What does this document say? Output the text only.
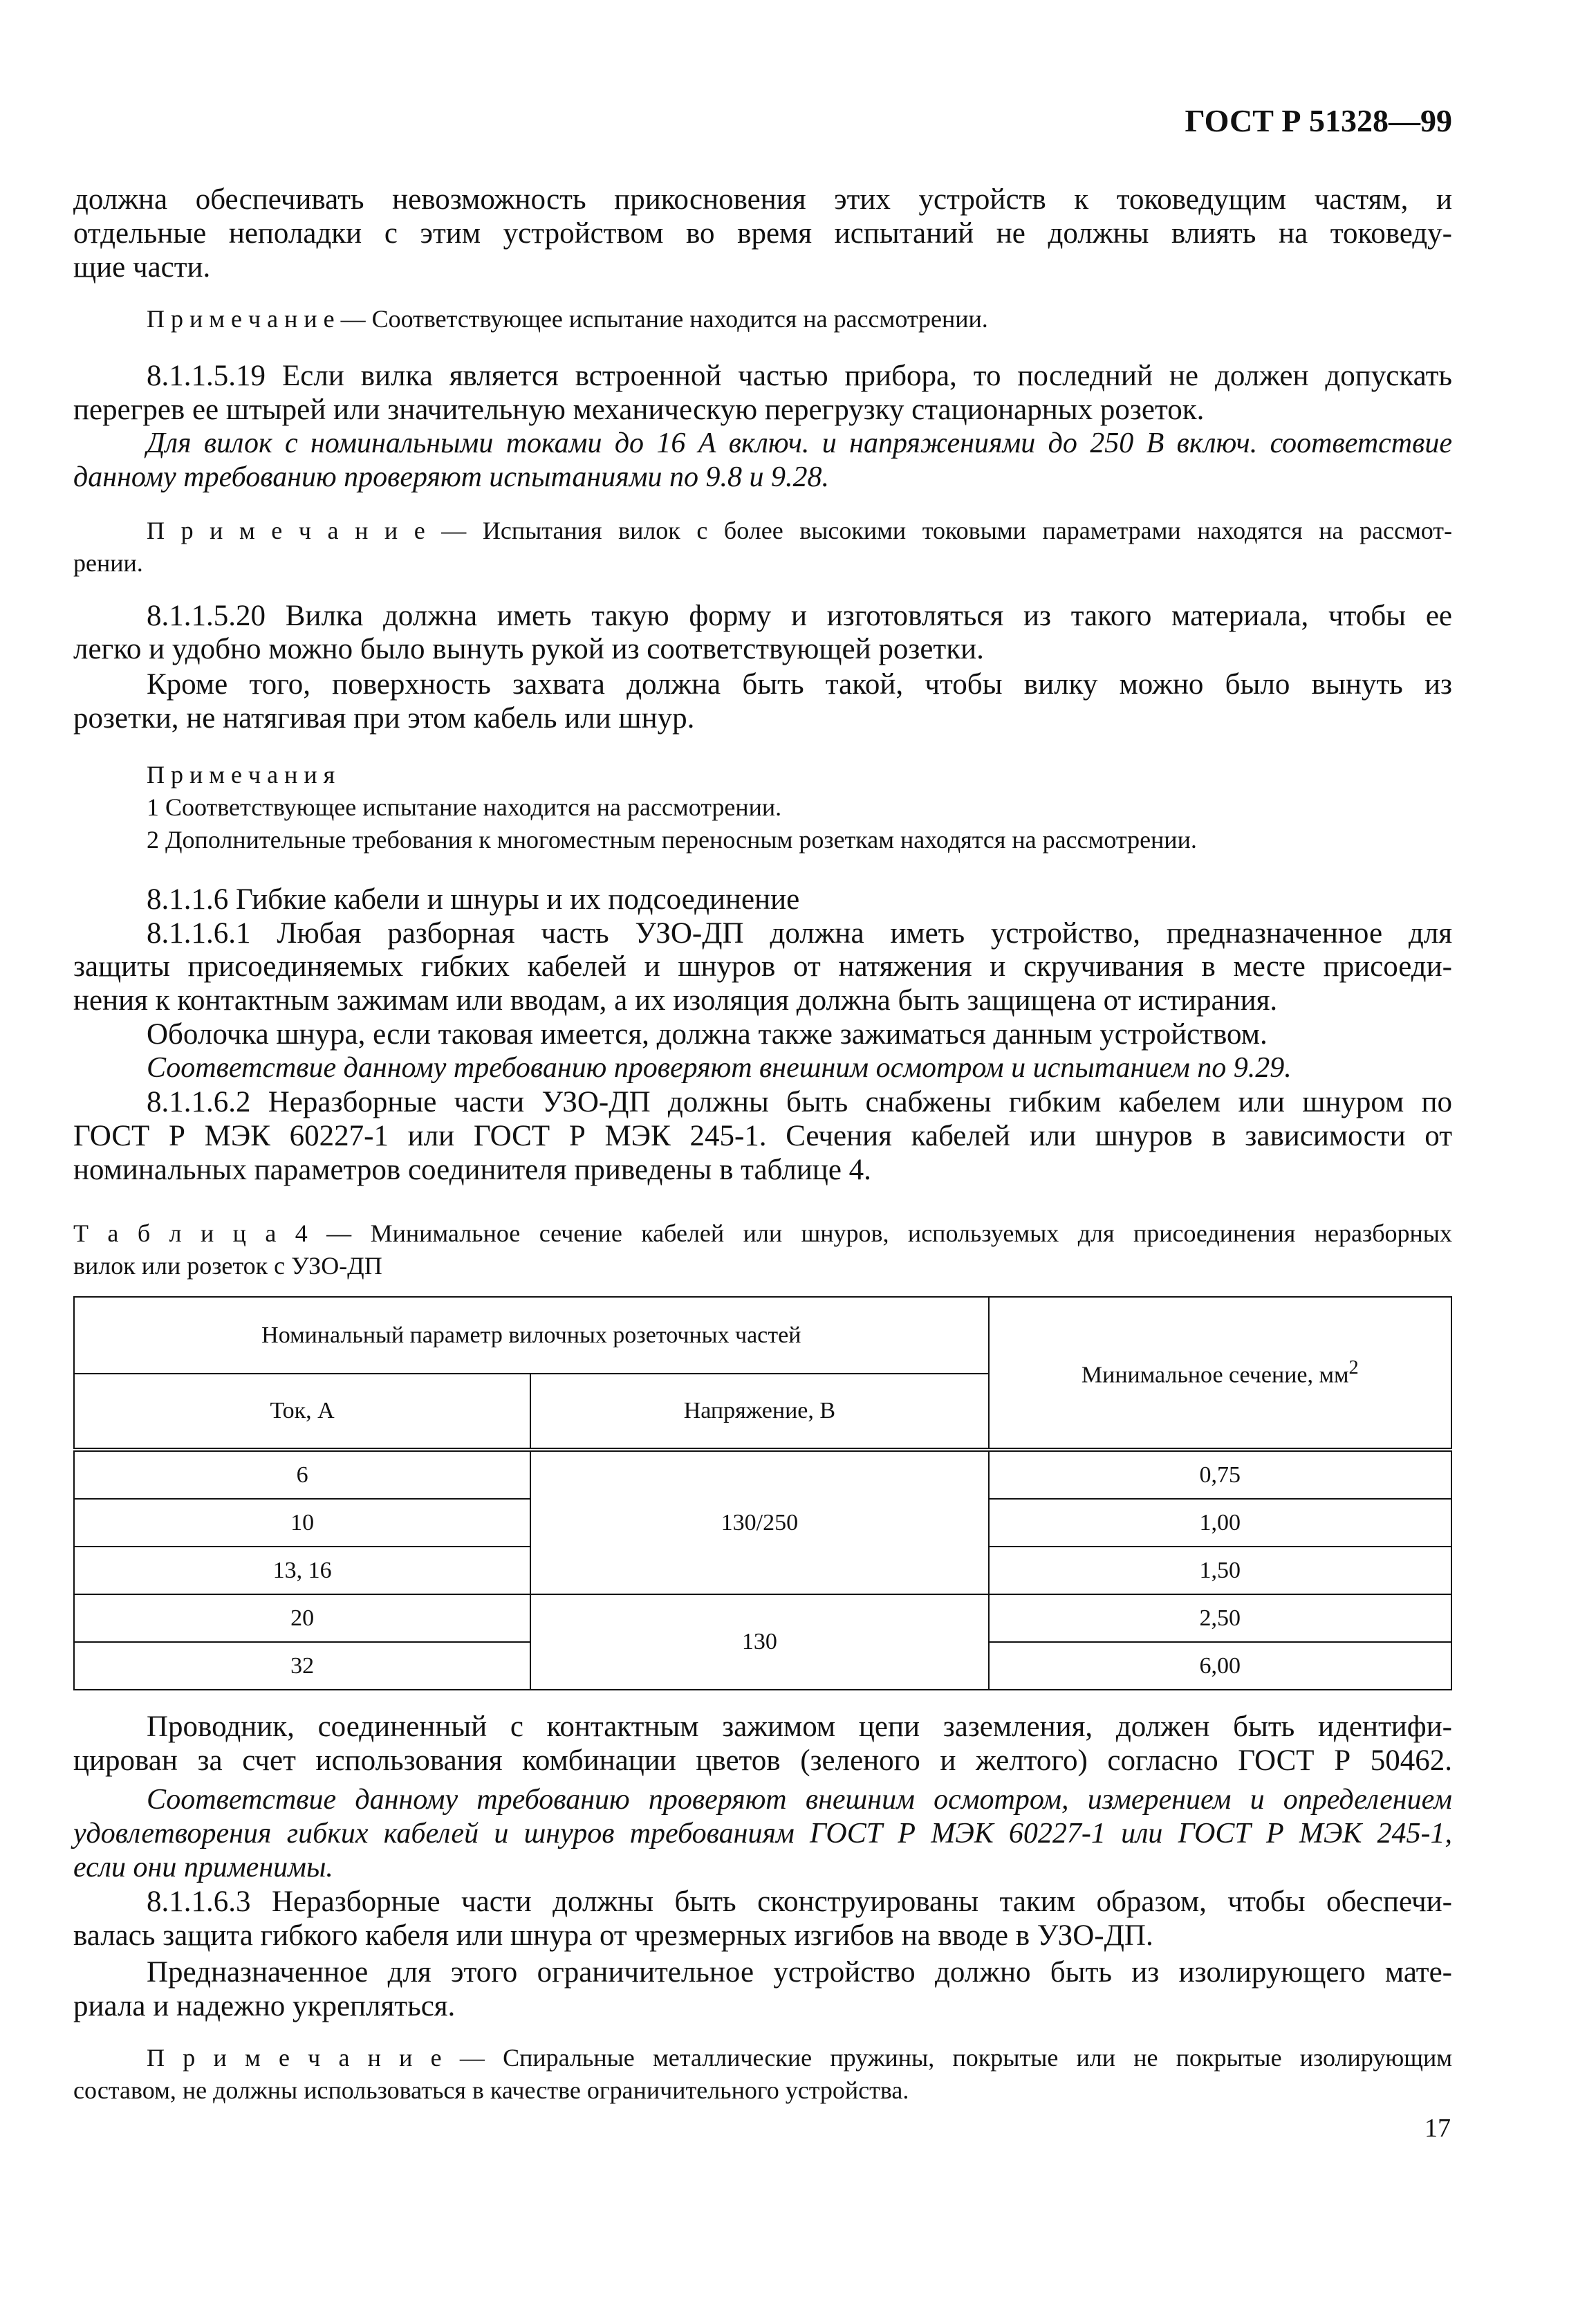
ГОСТ Р 51328—99
должна обеспечивать невозможность прикосновения этих устройств к токоведущим частям, и
отдельные неполадки с этим устройством во время испытаний не должны влиять на токоведу-
щие части.
П р и м е ч а н и е — Соответствующее испытание находится на рассмотрении.
8.1.1.5.19 Если вилка является встроенной частью прибора, то последний не должен допускать
перегрев ее штырей или значительную механическую перегрузку стационарных розеток.
Для вилок с номинальными токами до 16 А включ. и напряжениями до 250 В включ. соответствие
данному требованию проверяют испытаниями по 9.8 и 9.28.
П р и м е ч а н и е — Испытания вилок с более высокими токовыми параметрами находятся на рассмот-
рении.
8.1.1.5.20 Вилка должна иметь такую форму и изготовляться из такого материала, чтобы ее
легко и удобно можно было вынуть рукой из соответствующей розетки.
Кроме того, поверхность захвата должна быть такой, чтобы вилку можно было вынуть из
розетки, не натягивая при этом кабель или шнур.
П р и м е ч а н и я
1 Соответствующее испытание находится на рассмотрении.
2 Дополнительные требования к многоместным переносным розеткам находятся на рассмотрении.
8.1.1.6 Гибкие кабели и шнуры и их подсоединение
8.1.1.6.1 Любая разборная часть УЗО-ДП должна иметь устройство, предназначенное для
защиты присоединяемых гибких кабелей и шнуров от натяжения и скручивания в месте присоеди-
нения к контактным зажимам или вводам, а их изоляция должна быть защищена от истирания.
Оболочка шнура, если таковая имеется, должна также зажиматься данным устройством.
Соответствие данному требованию проверяют внешним осмотром и испытанием по 9.29.
8.1.1.6.2 Неразборные части УЗО-ДП должны быть снабжены гибким кабелем или шнуром по
ГОСТ Р МЭК 60227-1 или ГОСТ Р МЭК 245-1. Сечения кабелей или шнуров в зависимости от
номинальных параметров соединителя приведены в таблице 4.
Т а б л и ц а 4 — Минимальное сечение кабелей или шнуров, используемых для присоединения неразборных
вилок или розеток с УЗО-ДП
Проводник, соединенный с контактным зажимом цепи заземления, должен быть идентифи-
цирован за счет использования комбинации цветов (зеленого и желтого) согласно ГОСТ Р 50462.
Соответствие данному требованию проверяют внешним осмотром, измерением и определением
удовлетворения гибких кабелей и шнуров требованиям ГОСТ Р МЭК 60227-1 или ГОСТ Р МЭК 245-1,
если они применимы.
8.1.1.6.3 Неразборные части должны быть сконструированы таким образом, чтобы обеспечи-
валась защита гибкого кабеля или шнура от чрезмерных изгибов на вводе в УЗО-ДП.
Предназначенное для этого ограничительное устройство должно быть из изолирующего мате-
риала и надежно укрепляться.
П р и м е ч а н и е — Спиральные металлические пружины, покрытые или не покрытые изолирующим
составом, не должны использоваться в качестве ограничительного устройства.
Номинальный параметр вилочных розеточных частей		Минимальное сечение, $мм^2$
Ток, А	Напряжение, В	
6	130/250	0,75
10		1,00
13, 16		1,50
20	130	2,50
32		6,00
17
